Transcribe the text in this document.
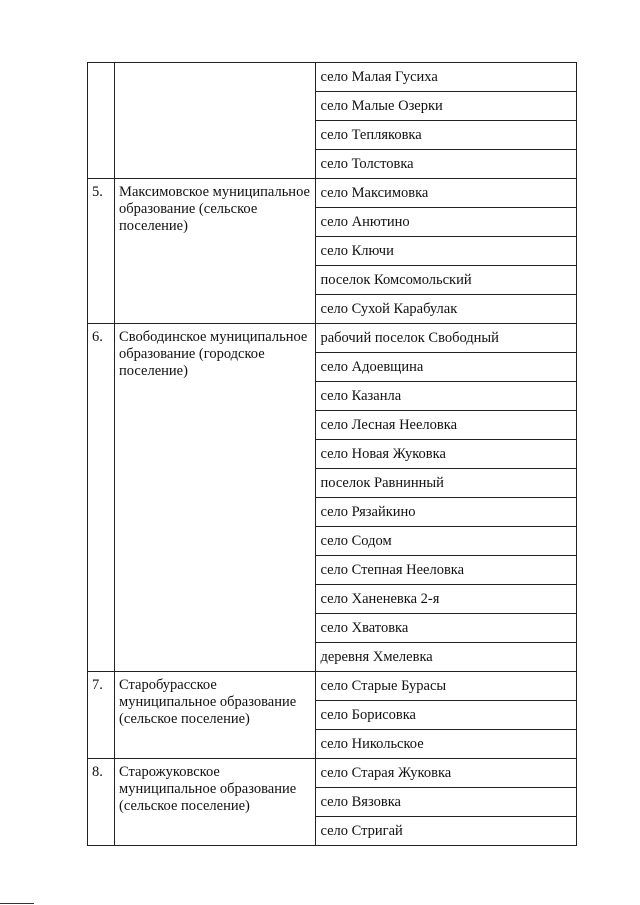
		село Малая Гусиха

		село Малые Озерки

		село Тепляковка

		село Толстовка

5.	Максимовское муниципальное образование (сельское поселение)	село Максимовка

		село Анютино

		село Ключи

		поселок Комсомольский

		село Сухой Карабулак

6.	Свободинское муниципальное образование (городское поселение)	рабочий поселок Свободный

		село Адоевщина

		село Казанла

		село Лесная Нееловка

		село Новая Жуковка

		поселок Равнинный

		село Рязайкино

		село Содом

		село Степная Нееловка

		село Ханеневка 2-я

		село Хватовка

		деревня Хмелевка

7.	Старобурасское муниципальное образование (сельское поселение)	село Старые Бурасы

		село Борисовка

		село Никольское

8.	Старожуковское муниципальное образование (сельское поселение)	село Старая Жуковка

		село Вязовка

		село Стригай
